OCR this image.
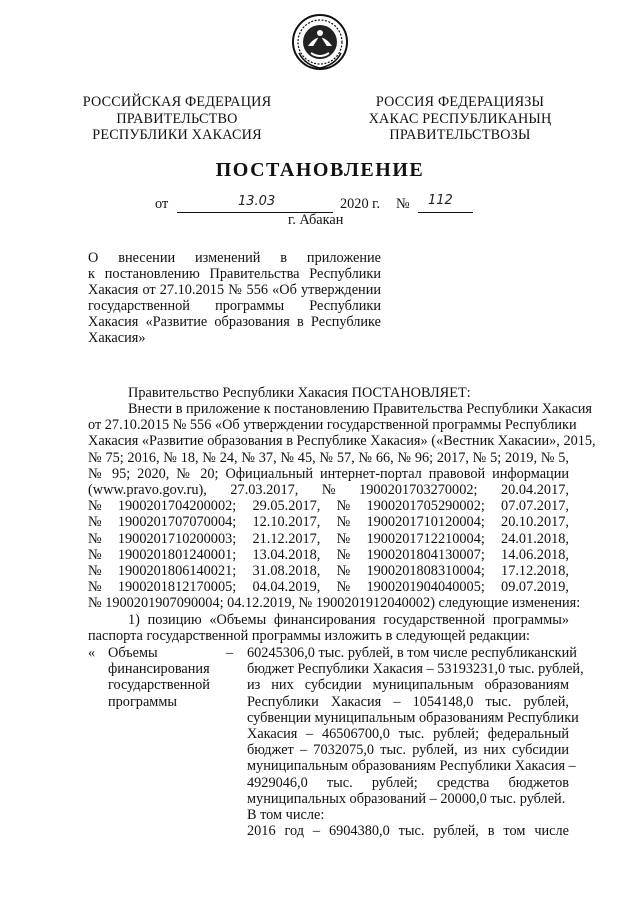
РОССИЙСКАЯ ФЕДЕРАЦИЯ
ПРАВИТЕЛЬСТВО
РЕСПУБЛИКИ ХАКАСИЯ
РОССИЯ ФЕДЕРАЦИЯЗЫ
ХАКАС РЕСПУБЛИКАНЫҢ
ПРАВИТЕЛЬСТВОЗЫ
ПОСТАНОВЛЕНИЕ
от	13.03	2020 г. № 112
г. Абакан
О внесении изменений в приложение
к постановлению Правительства Республики
Хакасия от 27.10.2015 № 556 «Об утверждении
государственной программы Республики
Хакасия «Развитие образования в Республике
Хакасия»
Правительство Республики Хакасия ПОСТАНОВЛЯЕТ:
Внести в приложение к постановлению Правительства Республики Хакасия
от 27.10.2015 № 556 «Об утверждении государственной программы Республики
Хакасия «Развитие образования в Республике Хакасия» («Вестник Хакасии», 2015,
№ 75; 2016, № 18, № 24, № 37, № 45, № 57, № 66, № 96; 2017, № 5; 2019, № 5,
№ 95; 2020, № 20; Официальный интернет-портал правовой информации
(www.pravo.gov.ru), 27.03.2017, № 1900201703270002; 20.04.2017,
№ 1900201704200002; 29.05.2017, № 1900201705290002; 07.07.2017,
№ 1900201707070004; 12.10.2017, № 1900201710120004; 20.10.2017,
№ 1900201710200003; 21.12.2017, № 1900201712210004; 24.01.2018,
№ 1900201801240001; 13.04.2018, № 1900201804130007; 14.06.2018,
№ 1900201806140021; 31.08.2018, № 1900201808310004; 17.12.2018,
№ 1900201812170005; 04.04.2019, № 1900201904040005; 09.07.2019,
№ 1900201907090004; 04.12.2019, № 1900201912040002) следующие изменения:
1) позицию «Объемы финансирования государственной программы»
паспорта государственной программы изложить в следующей редакции:
« Объемы
финансирования
государственной
программы
– 60245306,0 тыс. рублей, в том числе республиканский
бюджет Республики Хакасия – 53193231,0 тыс. рублей,
из них субсидии муниципальным образованиям
Республики Хакасия – 1054148,0 тыс. рублей,
субвенции муниципальным образованиям Республики
Хакасия – 46506700,0 тыс. рублей; федеральный
бюджет – 7032075,0 тыс. рублей, из них субсидии
муниципальным образованиям Республики Хакасия –
4929046,0 тыс. рублей; средства бюджетов
муниципальных образований – 20000,0 тыс. рублей.
В том числе:
2016 год – 6904380,0 тыс. рублей, в том числе
